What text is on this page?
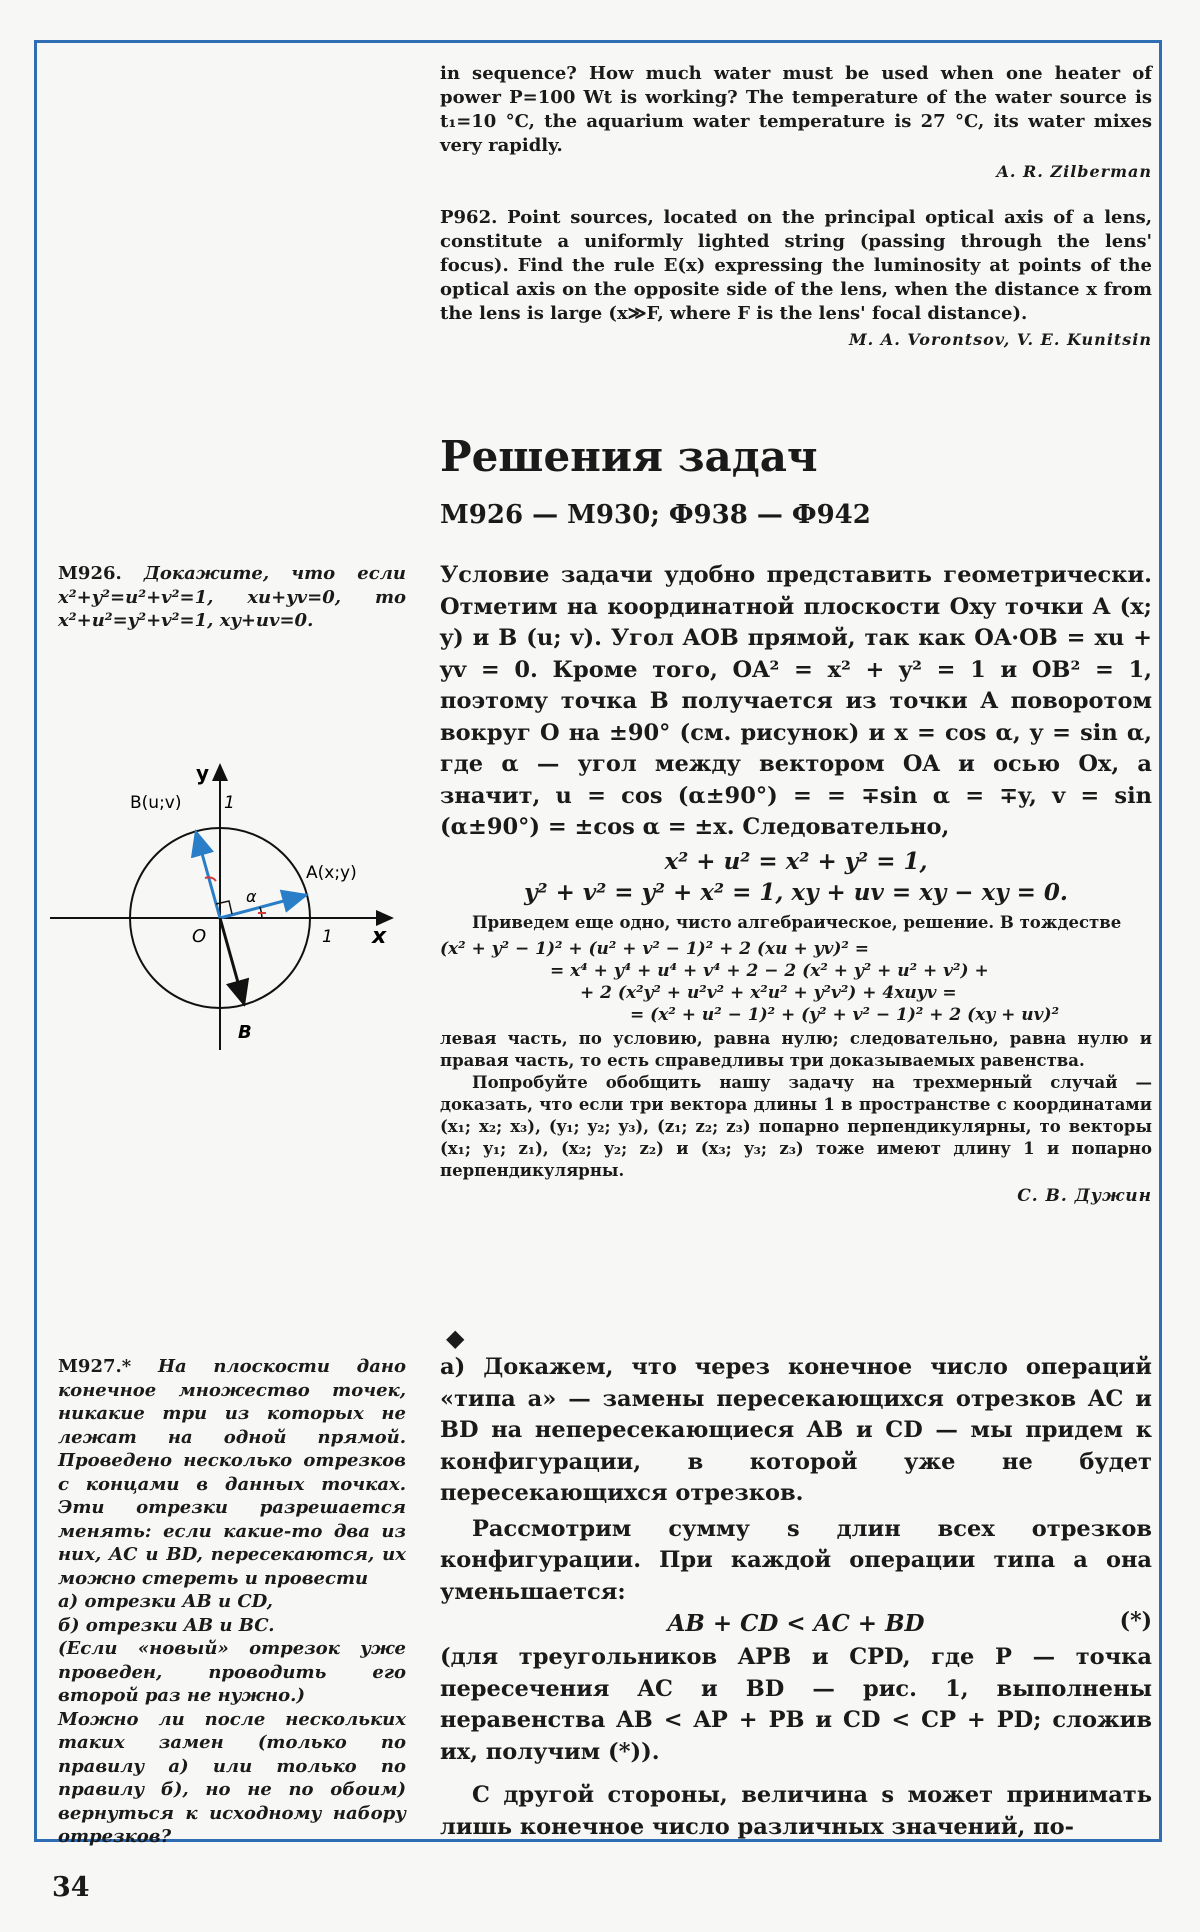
in sequence? How much water must be used when one heater of power P=100 Wt is working? The temperature of the water source is t₁=10 °C, the aquarium water temperature is 27 °C, its water mixes very rapidly.

A. R. Zilberman

P962. Point sources, located on the principal optical axis of a lens, constitute a uniformly lighted string (passing through the lens' focus). Find the rule E(x) expressing the luminosity at points of the optical axis on the opposite side of the lens, when the distance x from the lens is large (x≫F, where F is the lens' focal distance).

M. A. Vorontsov, V. E. Kunitsin

Решения задач
М926 — М930; Ф938 — Ф942

М926. Докажите, что если x²+y²=u²+v²=1, xu+yv=0, то x²+u²=y²+v²=1, xy+uv=0.

y
x
O
1
1
A(x;y)
B(u;v)
B
α

Условие задачи удобно представить геометрически. Отметим на координатной плоскости Oxy точки A (x; y) и B (u; v). Угол AOB прямой, так как OA·OB = xu + yv = 0. Кроме того, OA² = x² + y² = 1 и OB² = 1, поэтому точка B получается из точки A поворотом вокруг O на ±90° (см. рисунок) и x = cos α, y = sin α, где α — угол между вектором OA и осью Ox, а значит, u = cos (α±90°) = = ∓sin α = ∓y, v = sin (α±90°) = ±cos α = ±x. Следовательно,

x² + u² = x² + y² = 1,

y² + v² = y² + x² = 1, xy + uv = xy − xy = 0.

Приведем еще одно, чисто алгебраическое, решение. В тождестве

(x² + y² − 1)² + (u² + v² − 1)² + 2 (xu + yv)² =

= x⁴ + y⁴ + u⁴ + v⁴ + 2 − 2 (x² + y² + u² + v²) +

+ 2 (x²y² + u²v² + x²u² + y²v²) + 4xuyv =

= (x² + u² − 1)² + (y² + v² − 1)² + 2 (xy + uv)²

левая часть, по условию, равна нулю; следовательно, равна нулю и правая часть, то есть справедливы три доказываемых равенства.

Попробуйте обобщить нашу задачу на трехмерный случай — доказать, что если три вектора длины 1 в пространстве с координатами (x₁; x₂; x₃), (y₁; y₂; y₃), (z₁; z₂; z₃) попарно перпендикулярны, то векторы (x₁; y₁; z₁), (x₂; y₂; z₂) и (x₃; y₃; z₃) тоже имеют длину 1 и попарно перпендикулярны.

С. В. Дужин

М927.* На плоскости дано конечное множество точек, никакие три из которых не лежат на одной прямой. Проведено несколько отрезков с концами в данных точках. Эти отрезки разрешается менять: если какие-то два из них, AC и BD, пересекаются, их можно стереть и провести

а) отрезки AB и CD,

б) отрезки AB и BC.

(Если «новый» отрезок уже проведен, проводить его второй раз не нужно.)

Можно ли после нескольких таких замен (только по правилу а) или только по правилу б), но не по обоим) вернуться к исходному набору отрезков?

◆

а) Докажем, что через конечное число операций «типа а» — замены пересекающихся отрезков AC и BD на непересекающиеся AB и CD — мы придем к конфигурации, в которой уже не будет пересекающихся отрезков.

Рассмотрим сумму s длин всех отрезков конфигурации. При каждой операции типа a она уменьшается:

AB + CD < AC + BD	(*)

(для треугольников APB и CPD, где P — точка пересечения AC и BD — рис. 1, выполнены неравенства AB < AP + PB и CD < CP + PD; сложив их, получим (*)).

С другой стороны, величина s может принимать лишь конечное число различных значений, по-

34
